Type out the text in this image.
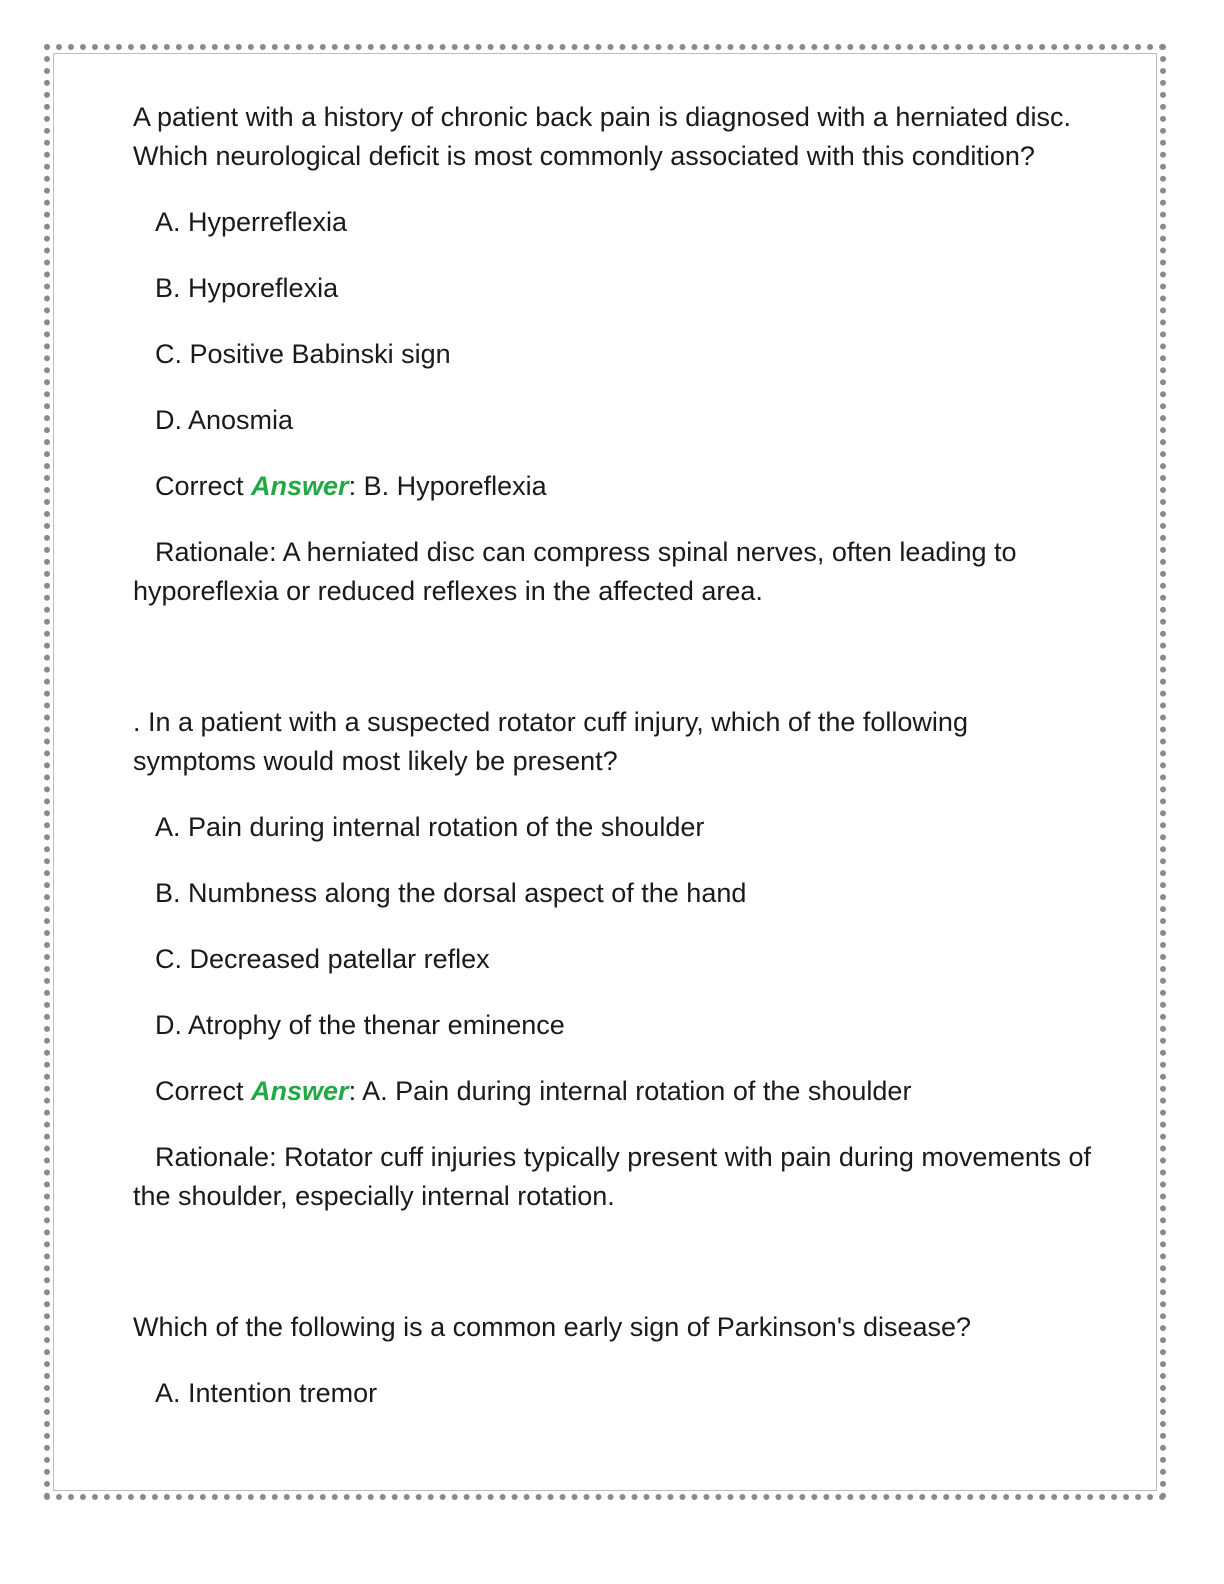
A patient with a history of chronic back pain is diagnosed with a herniated disc. Which neurological deficit is most commonly associated with this condition?

A. Hyperreflexia

B. Hyporeflexia

C. Positive Babinski sign

D. Anosmia

Correct Answer: B. Hyporeflexia

Rationale: A herniated disc can compress spinal nerves, often leading to hyporeflexia or reduced reflexes in the affected area.

. In a patient with a suspected rotator cuff injury, which of the following symptoms would most likely be present?

A. Pain during internal rotation of the shoulder

B. Numbness along the dorsal aspect of the hand

C. Decreased patellar reflex

D. Atrophy of the thenar eminence

Correct Answer: A. Pain during internal rotation of the shoulder

Rationale: Rotator cuff injuries typically present with pain during movements of the shoulder, especially internal rotation.

Which of the following is a common early sign of Parkinson's disease?

A. Intention tremor
